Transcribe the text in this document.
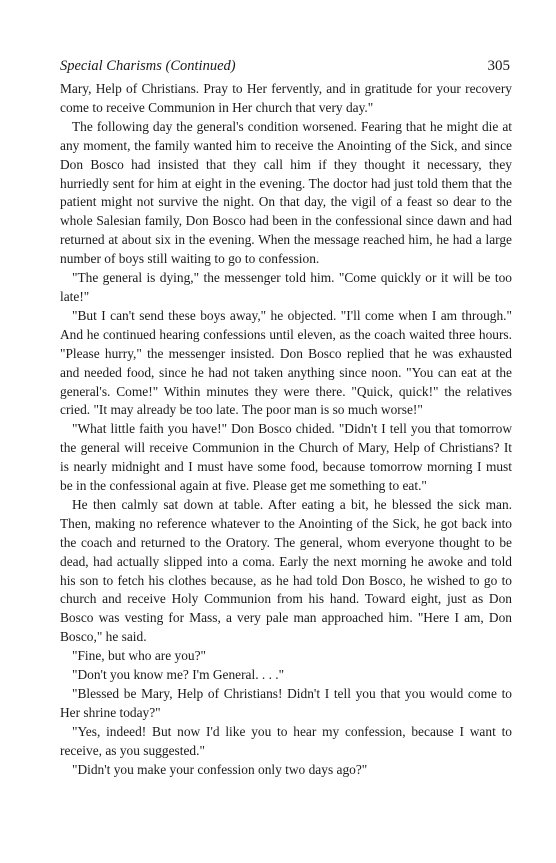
Special Charisms (Continued)	305

Mary, Help of Christians. Pray to Her fervently, and in gratitude for your recovery come to receive Communion in Her church that very day."

The following day the general's condition worsened. Fearing that he might die at any moment, the family wanted him to receive the Anointing of the Sick, and since Don Bosco had insisted that they call him if they thought it necessary, they hurriedly sent for him at eight in the evening. The doctor had just told them that the patient might not survive the night. On that day, the vigil of a feast so dear to the whole Salesian family, Don Bosco had been in the confessional since dawn and had returned at about six in the evening. When the message reached him, he had a large number of boys still waiting to go to confession.

"The general is dying," the messenger told him. "Come quickly or it will be too late!"

"But I can't send these boys away," he objected. "I'll come when I am through." And he continued hearing confessions until eleven, as the coach waited three hours. "Please hurry," the messenger insisted. Don Bosco replied that he was exhausted and needed food, since he had not taken anything since noon. "You can eat at the general's. Come!" Within minutes they were there. "Quick, quick!" the relatives cried. "It may already be too late. The poor man is so much worse!"

"What little faith you have!" Don Bosco chided. "Didn't I tell you that tomorrow the general will receive Communion in the Church of Mary, Help of Christians? It is nearly midnight and I must have some food, because tomorrow morning I must be in the confessional again at five. Please get me something to eat."

He then calmly sat down at table. After eating a bit, he blessed the sick man. Then, making no reference whatever to the Anointing of the Sick, he got back into the coach and returned to the Oratory. The general, whom everyone thought to be dead, had actually slipped into a coma. Early the next morning he awoke and told his son to fetch his clothes because, as he had told Don Bosco, he wished to go to church and receive Holy Communion from his hand. Toward eight, just as Don Bosco was vesting for Mass, a very pale man approached him. "Here I am, Don Bosco," he said.

"Fine, but who are you?"

"Don't you know me? I'm General. . . ."

"Blessed be Mary, Help of Christians! Didn't I tell you that you would come to Her shrine today?"

"Yes, indeed! But now I'd like you to hear my confession, because I want to receive, as you suggested."

"Didn't you make your confession only two days ago?"
